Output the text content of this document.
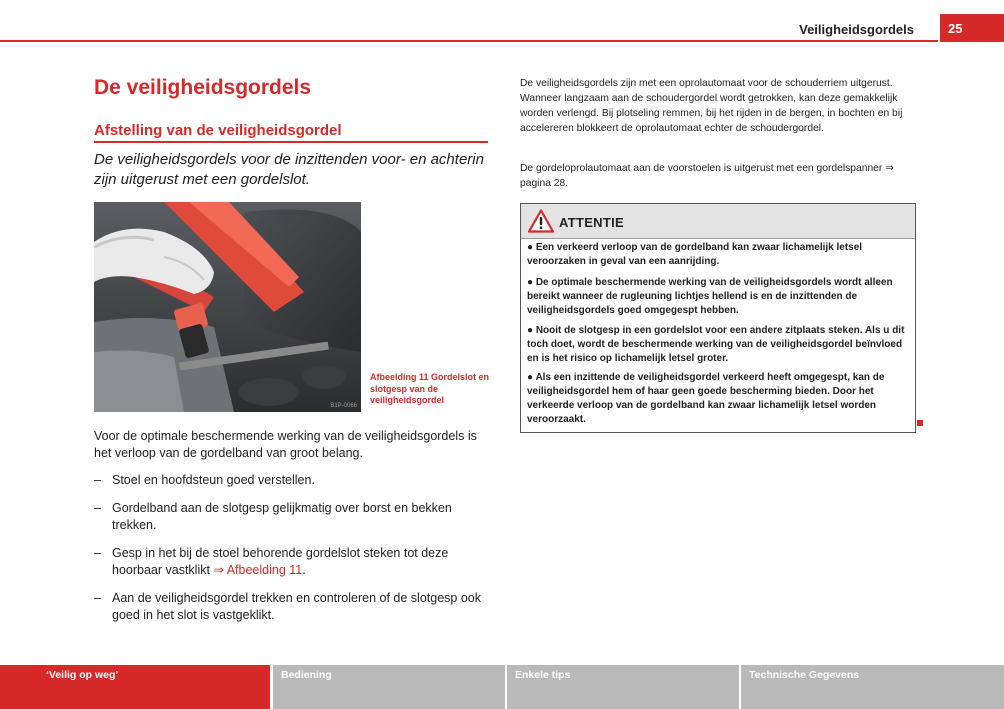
Veiligheidsgordels	25
De veiligheidsgordels
Afstelling van de veiligheidsgordel
De veiligheidsgordels voor de inzittenden voor- en achterin zijn uitgerust met een gordelslot.
B1P-0066
Afbeelding 11 Gordelslot en slotgesp van de veiligheidsgordel
Voor de optimale beschermende werking van de veiligheidsgordels is het verloop van de gordelband van groot belang.
– Stoel en hoofdsteun goed verstellen.
– Gordelband aan de slotgesp gelijkmatig over borst en bekken trekken.
– Gesp in het bij de stoel behorende gordelslot steken tot deze hoorbaar vastklikt ⇒ Afbeelding 11.
– Aan de veiligheidsgordel trekken en controleren of de slotgesp ook goed in het slot is vastgeklikt.
De veiligheidsgordels zijn met een oprolautomaat voor de schouderriem uitgerust. Wanneer langzaam aan de schoudergordel wordt getrokken, kan deze gemakkelijk worden verlengd. Bij plotseling remmen, bij het rijden in de bergen, in bochten en bij accelereren blokkeert de oprolautomaat echter de schoudergordel.
De gordeloprolautomaat aan de voorstoelen is uitgerust met een gordelspanner ⇒ pagina 28.
ATTENTIE
● Een verkeerd verloop van de gordelband kan zwaar lichamelijk letsel veroorzaken in geval van een aanrijding.
● De optimale beschermende werking van de veiligheidsgordels wordt alleen bereikt wanneer de rugleuning lichtjes hellend is en de inzittenden de veiligheidsgordels goed omgegespt hebben.
● Nooit de slotgesp in een gordelslot voor een andere zitplaats steken. Als u dit toch doet, wordt de beschermende werking van de veiligheidsgordel beïnvloed en is het risico op lichamelijk letsel groter.
● Als een inzittende de veiligheidsgordel verkeerd heeft omgegespt, kan de veiligheidsgordel hem of haar geen goede bescherming bieden. Door het verkeerde verloop van de gordelband kan zwaar lichamelijk letsel worden veroorzaakt.
‘Veilig op weg’	Bediening	Enkele tips	Technische Gegevens
